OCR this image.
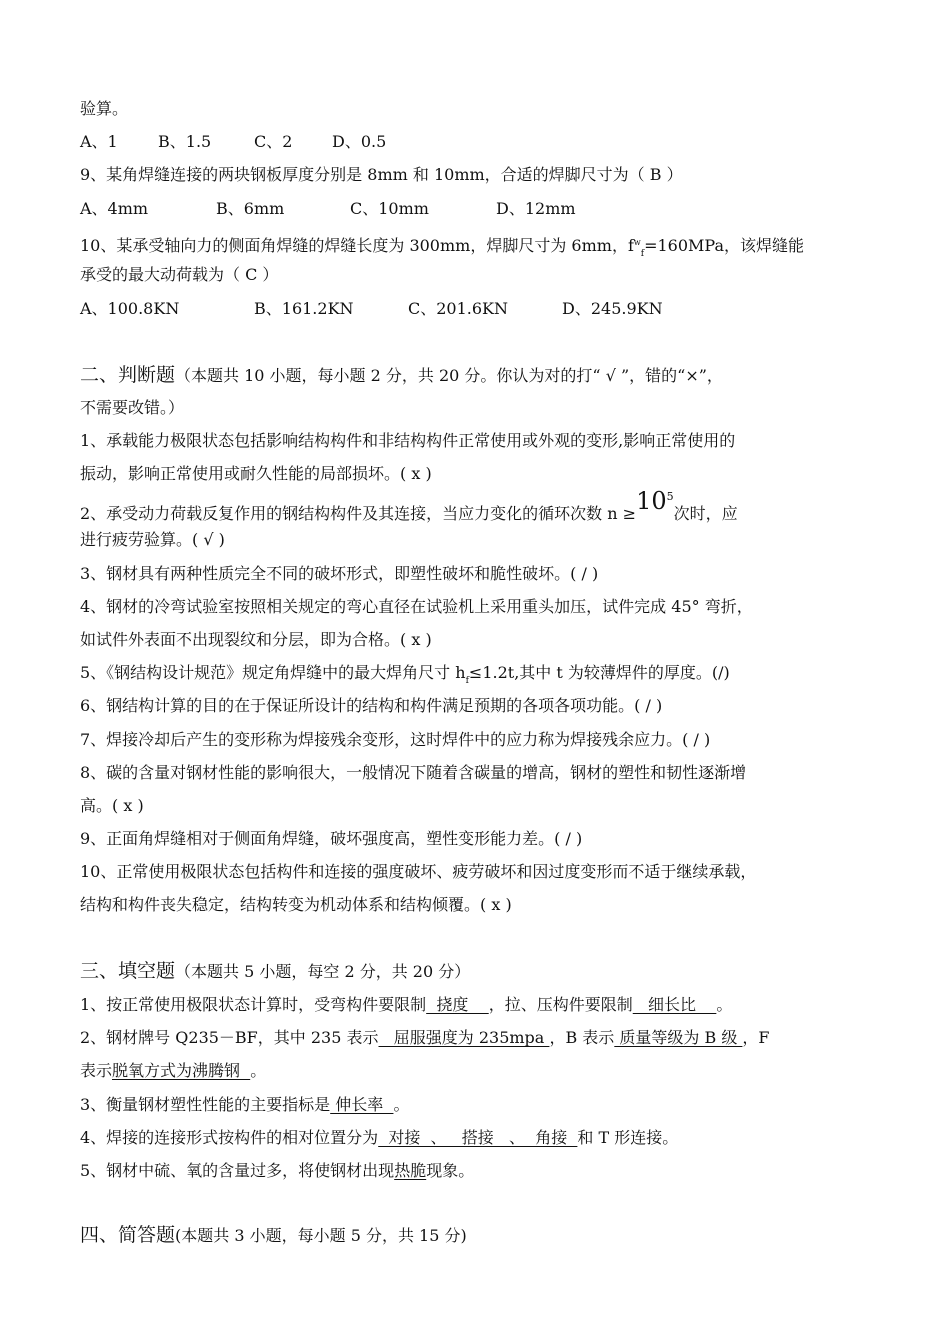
验算。
A、1	B、1.5	C、2 D、0.5
9、某角焊缝连接的两块钢板厚度分别是 8mm 和 10mm，合适的焊脚尺寸为（ B ）
A、4mm	B、6mm	C、10mm	D、12mm
10、某承受轴向力的侧面角焊缝的焊缝长度为 300mm，焊脚尺寸为 6mm，$f^w_f=160MPa$，该焊缝能
承受的最大动荷载为（ C ）
A、100.8KN	B、161.2KN	C、201.6KN	D、245.9KN
二、判断题（本题共 10 小题，每小题 2 分，共 20 分。你认为对的打“ √ ”，错的“×”，
不需要改错。）
1、承载能力极限状态包括影响结构构件和非结构构件正常使用或外观的变形,影响正常使用的
振动，影响正常使用或耐久性能的局部损坏。( x )
2、承受动力荷载反复作用的钢结构构件及其连接，当应力变化的循环次数 $n \ge 10^5$次时，应
进行疲劳验算。( √ )
3、钢材具有两种性质完全不同的破坏形式，即塑性破坏和脆性破坏。( / )
4、钢材的冷弯试验室按照相关规定的弯心直径在试验机上采用重头加压，试件完成 45° 弯折，
如试件外表面不出现裂纹和分层，即为合格。( x )
5、《钢结构设计规范》规定角焊缝中的最大焊角尺寸 $h_f\le 1.2t$,其中 t 为较薄焊件的厚度。(/)
6、钢结构计算的目的在于保证所设计的结构和构件满足预期的各项各项功能。( / )
7、焊接冷却后产生的变形称为焊接残余变形，这时焊件中的应力称为焊接残余应力。( / )
8、碳的含量对钢材性能的影响很大，一般情况下随着含碳量的增高，钢材的塑性和韧性逐渐增
高。( x )
9、正面角焊缝相对于侧面角焊缝，破坏强度高，塑性变形能力差。( / )
10、正常使用极限状态包括构件和连接的强度破坏、疲劳破坏和因过度变形而不适于继续承载，
结构和构件丧失稳定，结构转变为机动体系和结构倾覆。( x )
三、填空题（本题共 5 小题，每空 2 分，共 20 分）
1、按正常使用极限状态计算时，受弯构件要限制  挠度    ，拉、压构件要限制   细长比    。
2、钢材牌号 Q235－BF，其中 235 表示   屈服强度为 235mpa ，B 表示 质量等级为 B 级 ，F
表示脱氧方式为沸腾钢  。
3、衡量钢材塑性性能的主要指标是 伸长率  。
4、焊接的连接形式按构件的相对位置分为  对接  、   搭接   、  角接  和 T 形连接。
5、钢材中硫、氧的含量过多，将使钢材出现热脆现象。
四、简答题(本题共 3 小题，每小题 5 分，共 15 分)
